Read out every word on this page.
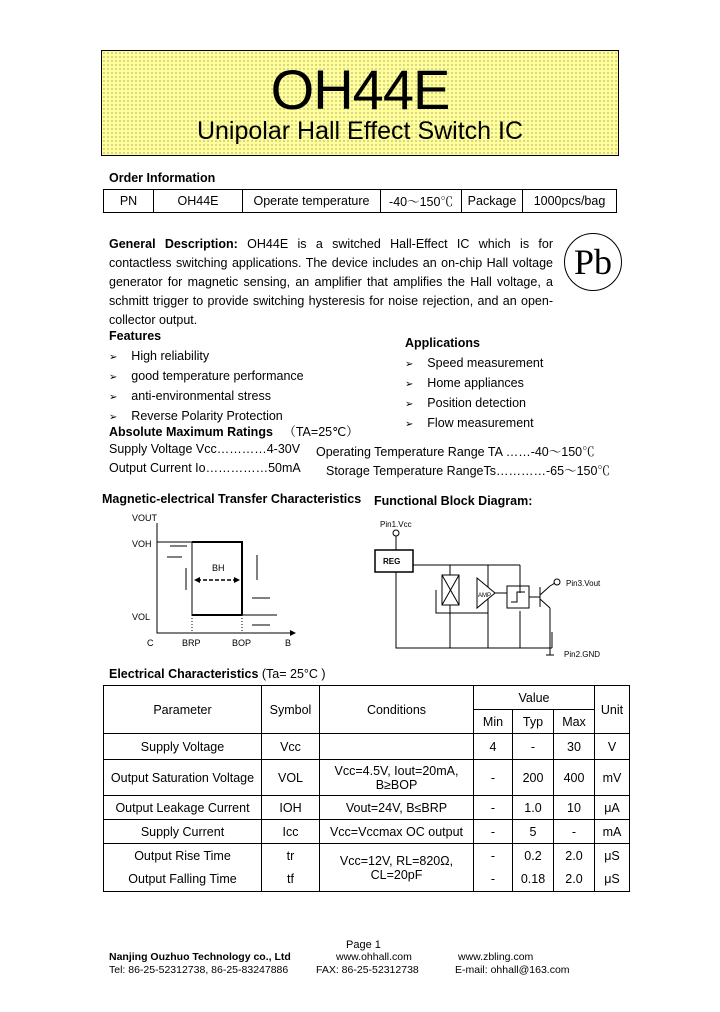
OH44E
Unipolar Hall Effect Switch IC
Order Information
PN	OH44E	Operate temperature	-40～150℃	Package	1000pcs/bag
General Description: OH44E is a switched Hall-Effect IC which is for contactless switching applications. The device includes an on-chip Hall voltage generator for magnetic sensing, an amplifier that amplifies the Hall voltage, a schmitt trigger to provide switching hysteresis for noise rejection, and an open-collector output.
Pb
Features
➢ High reliability
➢ good temperature performance
➢ anti-environmental stress
➢ Reverse Polarity Protection
Applications
➢ Speed measurement
➢ Home appliances
➢ Position detection
➢ Flow measurement
Absolute Maximum Ratings （TA=25℃）
Supply Voltage Vcc…………4-30V Operating Temperature Range TA ……-40～150℃
Output Current Io……………50mA Storage Temperature RangeTs…………-65～150℃
Magnetic-electrical Transfer Characteristics Functional Block Diagram:
VOUT
VOH
VOL
C	BRP	BOP	B
BH
Pin1.Vcc
REG
AMP
Pin3.Vout
Pin2.GND
Electrical Characteristics (Ta= 25°C )
Parameter	Symbol	Conditions	Value			Unit
			Min	Typ	Max	
Supply Voltage	Vcc		4	-	30	V
Output Saturation Voltage	VOL	Vcc=4.5V, Iout=20mA, B≥BOP	-	200	400	mV
Output Leakage Current	IOH	Vout=24V, B≤BRP	-	1.0	10	μA
Supply Current	Icc	Vcc=Vccmax OC output	-	5	-	mA
Output Rise Time	tr	Vcc=12V, RL=820Ω, CL=20pF	-	0.2	2.0	μS
Output Falling Time	tf		-	0.18	2.0	μS
Page 1
Nanjing Ouzhuo Technology co., Ltd	www.ohhall.com	www.zbling.com
Tel: 86-25-52312738, 86-25-83247886	FAX: 86-25-52312738	E-mail: ohhall@163.com
